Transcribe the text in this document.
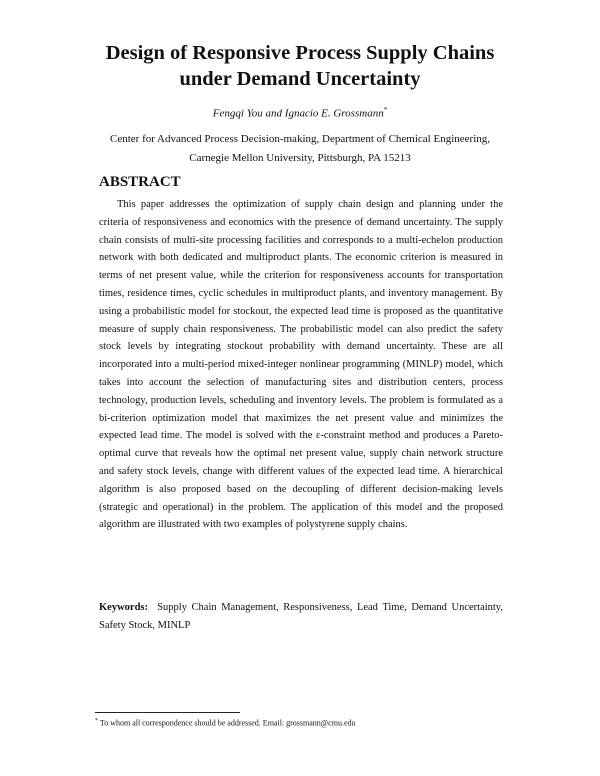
Design of Responsive Process Supply Chains
under Demand Uncertainty

Fengqi You and Ignacio E. Grossmann*

Center for Advanced Process Decision-making, Department of Chemical Engineering,
Carnegie Mellon University, Pittsburgh, PA 15213

ABSTRACT

This paper addresses the optimization of supply chain design and planning under the criteria of responsiveness and economics with the presence of demand uncertainty. The supply chain consists of multi-site processing facilities and corresponds to a multi-echelon production network with both dedicated and multiproduct plants. The economic criterion is measured in terms of net present value, while the criterion for responsiveness accounts for transportation times, residence times, cyclic schedules in multiproduct plants, and inventory management. By using a probabilistic model for stockout, the expected lead time is proposed as the quantitative measure of supply chain responsiveness. The probabilistic model can also predict the safety stock levels by integrating stockout probability with demand uncertainty. These are all incorporated into a multi-period mixed-integer nonlinear programming (MINLP) model, which takes into account the selection of manufacturing sites and distribution centers, process technology, production levels, scheduling and inventory levels. The problem is formulated as a bi-criterion optimization model that maximizes the net present value and minimizes the expected lead time. The model is solved with the ε-constraint method and produces a Pareto-optimal curve that reveals how the optimal net present value, supply chain network structure and safety stock levels, change with different values of the expected lead time. A hierarchical algorithm is also proposed based on the decoupling of different decision-making levels (strategic and operational) in the problem. The application of this model and the proposed algorithm are illustrated with two examples of polystyrene supply chains.

Keywords: Supply Chain Management, Responsiveness, Lead Time, Demand Uncertainty, Safety Stock, MINLP

* To whom all correspondence should be addressed. Email: grossmann@cmu.edu
